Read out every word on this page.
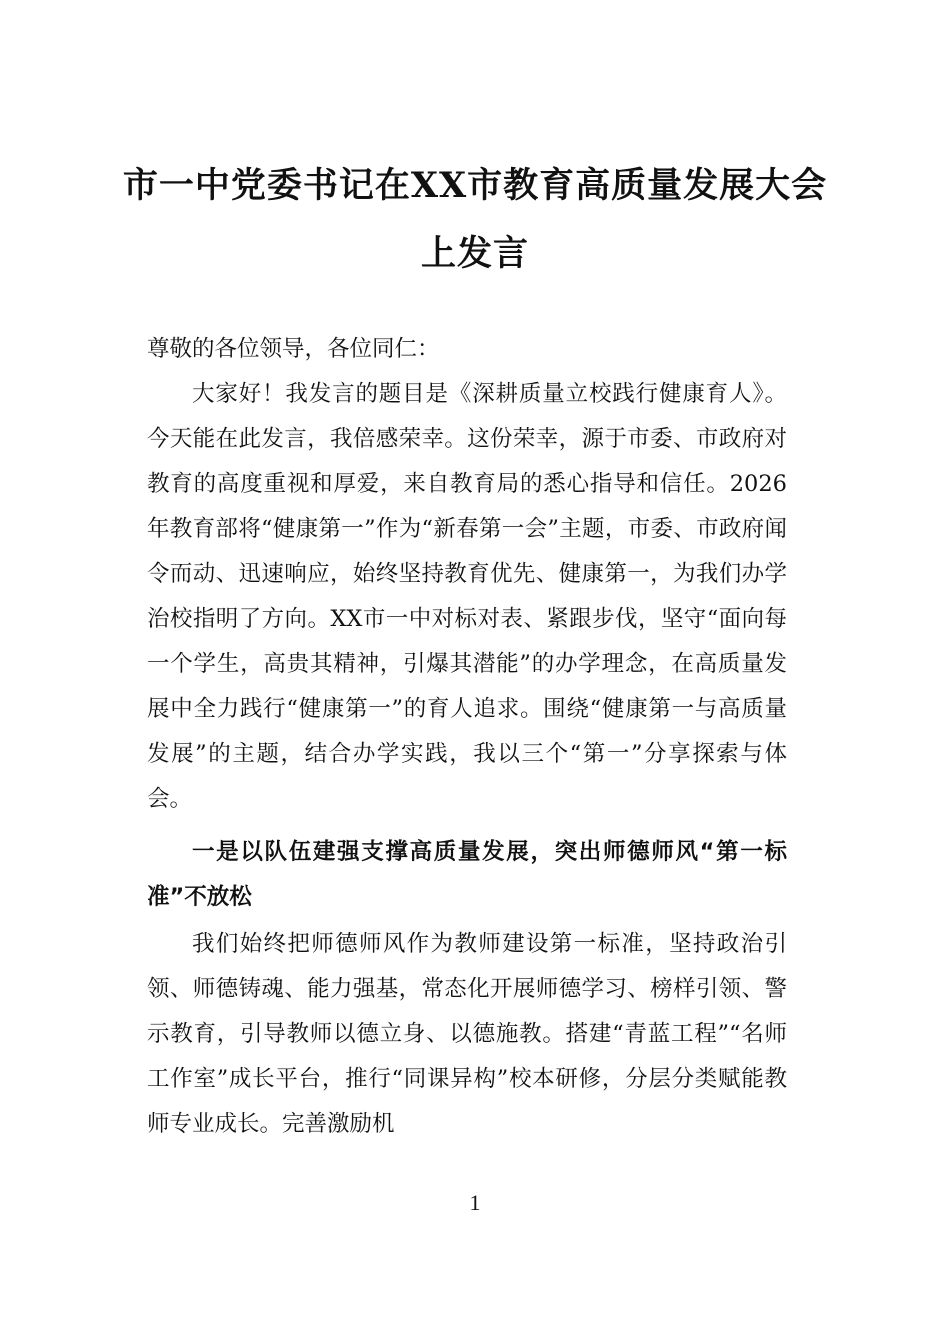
市一中党委书记在XX市教育高质量发展大会上发言

尊敬的各位领导，各位同仁：

大家好！我发言的题目是《深耕质量立校践行健康育人》。今天能在此发言，我倍感荣幸。这份荣幸，源于市委、市政府对教育的高度重视和厚爱，来自教育局的悉心指导和信任。2026年教育部将“健康第一”作为“新春第一会”主题，市委、市政府闻令而动、迅速响应，始终坚持教育优先、健康第一，为我们办学治校指明了方向。XX市一中对标对表、紧跟步伐，坚守“面向每一个学生，高贵其精神，引爆其潜能”的办学理念，在高质量发展中全力践行“健康第一”的育人追求。围绕“健康第一与高质量发展”的主题，结合办学实践，我以三个“第一”分享探索与体会。

一是以队伍建强支撑高质量发展，突出师德师风“第一标准”不放松

我们始终把师德师风作为教师建设第一标准，坚持政治引领、师德铸魂、能力强基，常态化开展师德学习、榜样引领、警示教育，引导教师以德立身、以德施教。搭建“青蓝工程”“名师工作室”成长平台，推行“同课异构”校本研修，分层分类赋能教师专业成长。完善激励机

1
